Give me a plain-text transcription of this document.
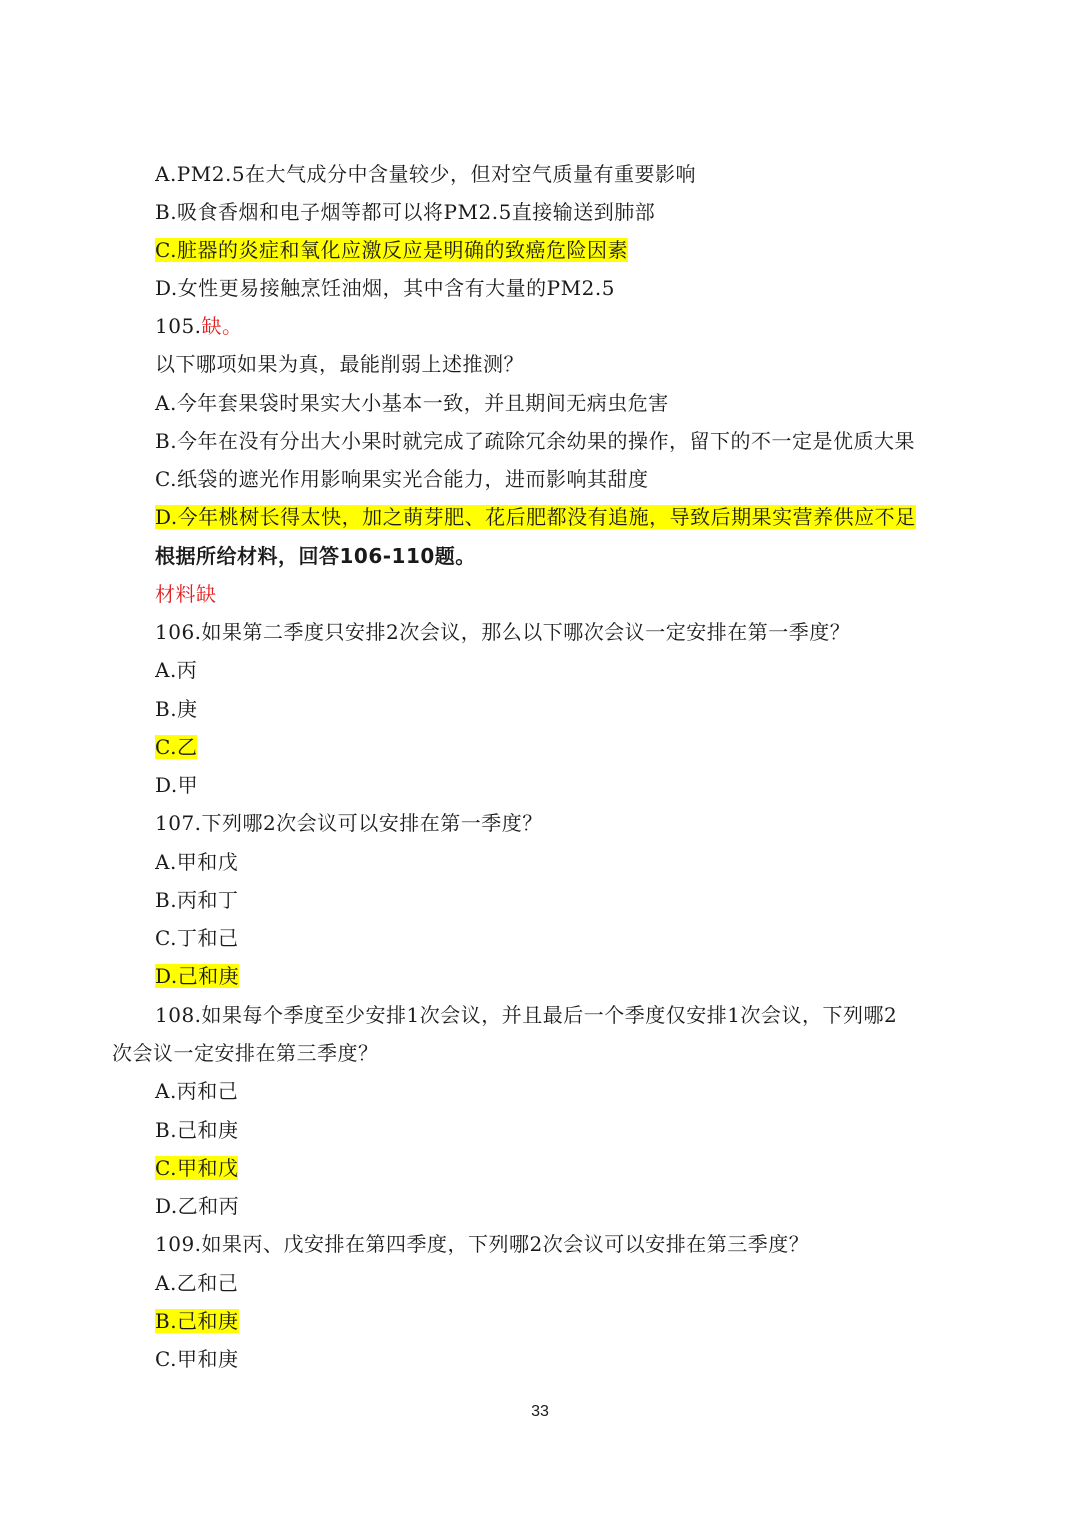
A.PM2.5在大气成分中含量较少，但对空气质量有重要影响
B.吸食香烟和电子烟等都可以将PM2.5直接输送到肺部
C.脏器的炎症和氧化应激反应是明确的致癌危险因素
D.女性更易接触烹饪油烟，其中含有大量的PM2.5
105.缺。
以下哪项如果为真，最能削弱上述推测？
A.今年套果袋时果实大小基本一致，并且期间无病虫危害
B.今年在没有分出大小果时就完成了疏除冗余幼果的操作，留下的不一定是优质大果
C.纸袋的遮光作用影响果实光合能力，进而影响其甜度
D.今年桃树长得太快，加之萌芽肥、花后肥都没有追施，导致后期果实营养供应不足
根据所给材料，回答106-110题。
材料缺
106.如果第二季度只安排2次会议，那么以下哪次会议一定安排在第一季度？
A.丙
B.庚
C.乙
D.甲
107.下列哪2次会议可以安排在第一季度？
A.甲和戊
B.丙和丁
C.丁和己
D.己和庚
108.如果每个季度至少安排1次会议，并且最后一个季度仅安排1次会议，下列哪2
次会议一定安排在第三季度？
A.丙和己
B.己和庚
C.甲和戊
D.乙和丙
109.如果丙、戊安排在第四季度，下列哪2次会议可以安排在第三季度？
A.乙和己
B.己和庚
C.甲和庚
33
